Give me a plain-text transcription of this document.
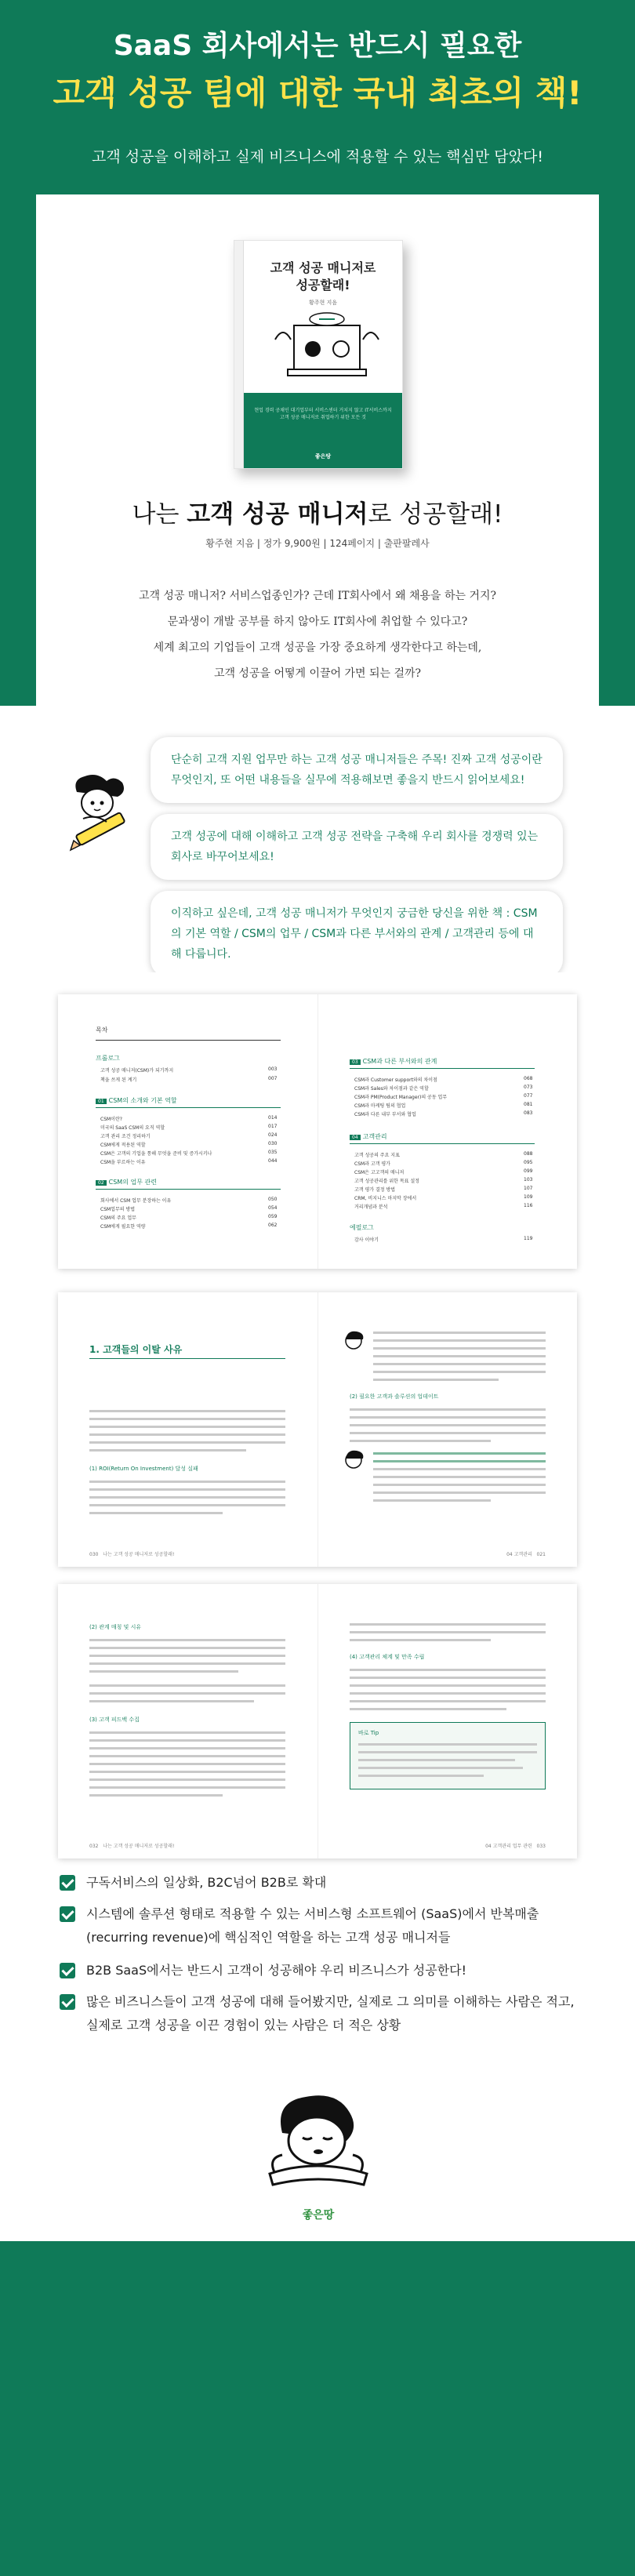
SaaS 회사에서는 반드시 필요한
고객 성공 팀에 대한 국내 최초의 책!
고객 성공을 이해하고 실제 비즈니스에 적용할 수 있는 핵심만 담았다!
고객 성공 매니저로
성공할래!
황주현 지음
현업 경력 공채인 대기업부터 서비스센터 거치지 않고 IT서비스까지
고객 성공 매니저로 취업하기 위한 모든 것
좋은땅
나는 고객 성공 매니저로 성공할래!
황주현 지음 | 정가 9,900원 | 124페이지 | 출판팔레사
고객 성공 매니저? 서비스업종인가? 근데 IT회사에서 왜 채용을 하는 거지?
문과생이 개발 공부를 하지 않아도 IT회사에 취업할 수 있다고?
세계 최고의 기업들이 고객 성공을 가장 중요하게 생각한다고 하는데,
고객 성공을 어떻게 이끌어 가면 되는 걸까?
단순히 고객 지원 업무만 하는 고객 성공 매니저들은 주목! 진짜 고객 성공이란 무엇인지, 또 어떤 내용들을 실무에 적용해보면 좋을지 반드시 읽어보세요!
고객 성공에 대해 이해하고 고객 성공 전략을 구축해 우리 회사를 경쟁력 있는 회사로 바꾸어보세요!
이직하고 싶은데, 고객 성공 매니저가 무엇인지 궁금한 당신을 위한 책 : CSM의 기본 역할 / CSM의 업무 / CSM과 다른 부서와의 관계 / 고객관리 등에 대해 다룹니다.
목차
프롤로그
고객 성공 매니저(CSM)가 되기까지	003
책을 쓰게 된 계기	007
01 CSM의 소개와 기본 역할
CSM이란?	014
미국의 SaaS CSM의 요직 역할	017
고객 관리 조건 정리하기	024
CSM에게 적용된 역할	030
CSM은 고객의 기업을 통해 무엇을 준비 및 증가시키나	035
CSM을 부르하는 이유	044
02 CSM의 업무 관련
회사에서 CSM 업무 분장하는 이유	050
CSM업무의 방법	054
CSM의 주요 업무	059
CSM에게 필요한 역량	062
03 CSM과 다른 부서와의 관계
CSM과 Customer support와의 차이점	068
CSM과 Sales와 차이점과 같은 역할	073
CSM과 PM(Product Manager)의 공동 업무	077
CSM과 마케팅 팀의 협업	081
CSM과 다른 내부 부서와 협업	083
04 고객관리
고객 성공의 주요 지표	088
CSM과 고객 평가	095
CSM은 고고객의 매니저	099
고객 성공관리를 위한 목표 설정	103
고객 평가 결정 방법	107
CRM, 비지니스 마지막 장에서	109
거리개념과 분석	116
에필로그
감사 이야기	119
1. 고객들의 이탈 사유
(1) ROI(Return On Investment) 달성 실패
030 나는 고객 성공 매니저로 성공할래!
(2) 필요한 고객과 솔루션의 업데이트
04 고객관리 021
(2) 관계 매칭 및 시유
(3) 고객 피드백 수집
032 나는 고객 성공 매니저로 성공할래!
(4) 고객관리 체계 및 만족 수립
바로 Tip
04 고객관리 업무 관련 033
구독서비스의 일상화, B2C넘어 B2B로 확대
시스템에 솔루션 형태로 적용할 수 있는 서비스형 소프트웨어 (SaaS)에서 반복매출(recurring revenue)에 핵심적인 역할을 하는 고객 성공 매니저들
B2B SaaS에서는 반드시 고객이 성공해야 우리 비즈니스가 성공한다!
많은 비즈니스들이 고객 성공에 대해 들어봤지만, 실제로 그 의미를 이해하는 사람은 적고, 실제로 고객 성공을 이끈 경험이 있는 사람은 더 적은 상황
좋은땅
